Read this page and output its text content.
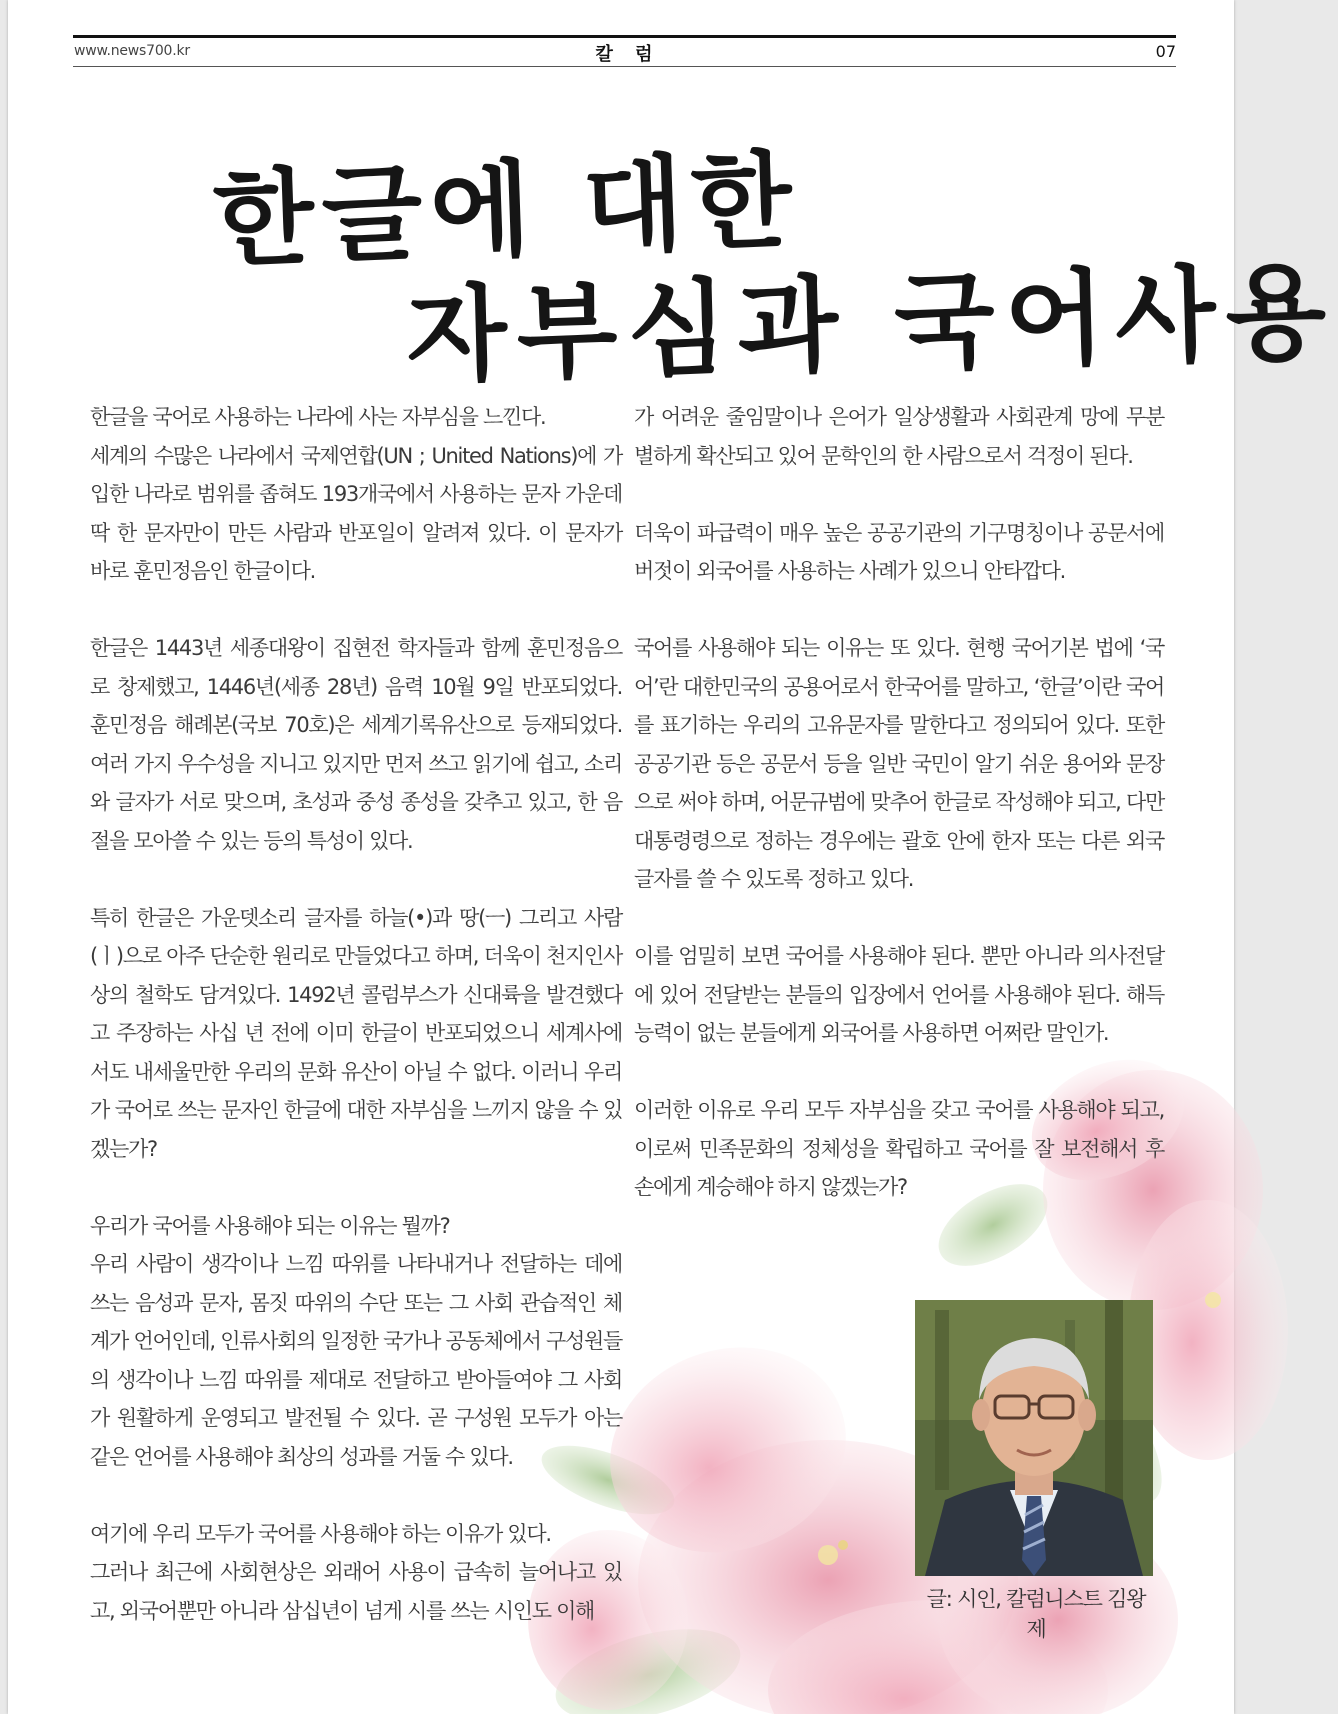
www.news700.kr	칼 럼	07
한글에 대한
자부심과 국어사용

한글을 국어로 사용하는 나라에 사는 자부심을 느낀다.
세계의 수많은 나라에서 국제연합(UN ; United Nations)에 가입한 나라로 범위를 좁혀도 193개국에서 사용하는 문자 가운데 딱 한 문자만이 만든 사람과 반포일이 알려져 있다. 이 문자가 바로 훈민정음인 한글이다.

한글은 1443년 세종대왕이 집현전 학자들과 함께 훈민정음으로 창제했고, 1446년(세종 28년) 음력 10월 9일 반포되었다. 훈민정음 해례본(국보 70호)은 세계기록유산으로 등재되었다. 여러 가지 우수성을 지니고 있지만 먼저 쓰고 읽기에 쉽고, 소리와 글자가 서로 맞으며, 초성과 중성 종성을 갖추고 있고, 한 음절을 모아쓸 수 있는 등의 특성이 있다.

특히 한글은 가운뎃소리 글자를 하늘(•)과 땅(ㅡ) 그리고 사람(ㅣ)으로 아주 단순한 원리로 만들었다고 하며, 더욱이 천지인사상의 철학도 담겨있다. 1492년 콜럼부스가 신대륙을 발견했다고 주장하는 사십 년 전에 이미 한글이 반포되었으니 세계사에서도 내세울만한 우리의 문화 유산이 아닐 수 없다. 이러니 우리가 국어로 쓰는 문자인 한글에 대한 자부심을 느끼지 않을 수 있겠는가?

우리가 국어를 사용해야 되는 이유는 뭘까?
우리 사람이 생각이나 느낌 따위를 나타내거나 전달하는 데에 쓰는 음성과 문자, 몸짓 따위의 수단 또는 그 사회 관습적인 체계가 언어인데, 인류사회의 일정한 국가나 공동체에서 구성원들의 생각이나 느낌 따위를 제대로 전달하고 받아들여야 그 사회가 원활하게 운영되고 발전될 수 있다. 곧 구성원 모두가 아는 같은 언어를 사용해야 최상의 성과를 거둘 수 있다.

여기에 우리 모두가 국어를 사용해야 하는 이유가 있다.
그러나 최근에 사회현상은 외래어 사용이 급속히 늘어나고 있고, 외국어뿐만 아니라 삼십년이 넘게 시를 쓰는 시인도 이해

가 어려운 줄임말이나 은어가 일상생활과 사회관계 망에 무분별하게 확산되고 있어 문학인의 한 사람으로서 걱정이 된다.

더욱이 파급력이 매우 높은 공공기관의 기구명칭이나 공문서에 버젓이 외국어를 사용하는 사례가 있으니 안타깝다.

국어를 사용해야 되는 이유는 또 있다. 현행 국어기본 법에 ‘국어’란 대한민국의 공용어로서 한국어를 말하고, ‘한글’이란 국어를 표기하는 우리의 고유문자를 말한다고 정의되어 있다. 또한 공공기관 등은 공문서 등을 일반 국민이 알기 쉬운 용어와 문장으로 써야 하며, 어문규범에 맞추어 한글로 작성해야 되고, 다만 대통령령으로 정하는 경우에는 괄호 안에 한자 또는 다른 외국 글자를 쓸 수 있도록 정하고 있다.

이를 엄밀히 보면 국어를 사용해야 된다. 뿐만 아니라 의사전달에 있어 전달받는 분들의 입장에서 언어를 사용해야 된다. 해득능력이 없는 분들에게 외국어를 사용하면 어쩌란 말인가.

이러한 이유로 우리 모두 자부심을 갖고 국어를 사용해야 되고, 이로써 민족문화의 정체성을 확립하고 국어를 잘 보전해서 후손에게 계승해야 하지 않겠는가?

글: 시인, 칼럼니스트 김왕제
